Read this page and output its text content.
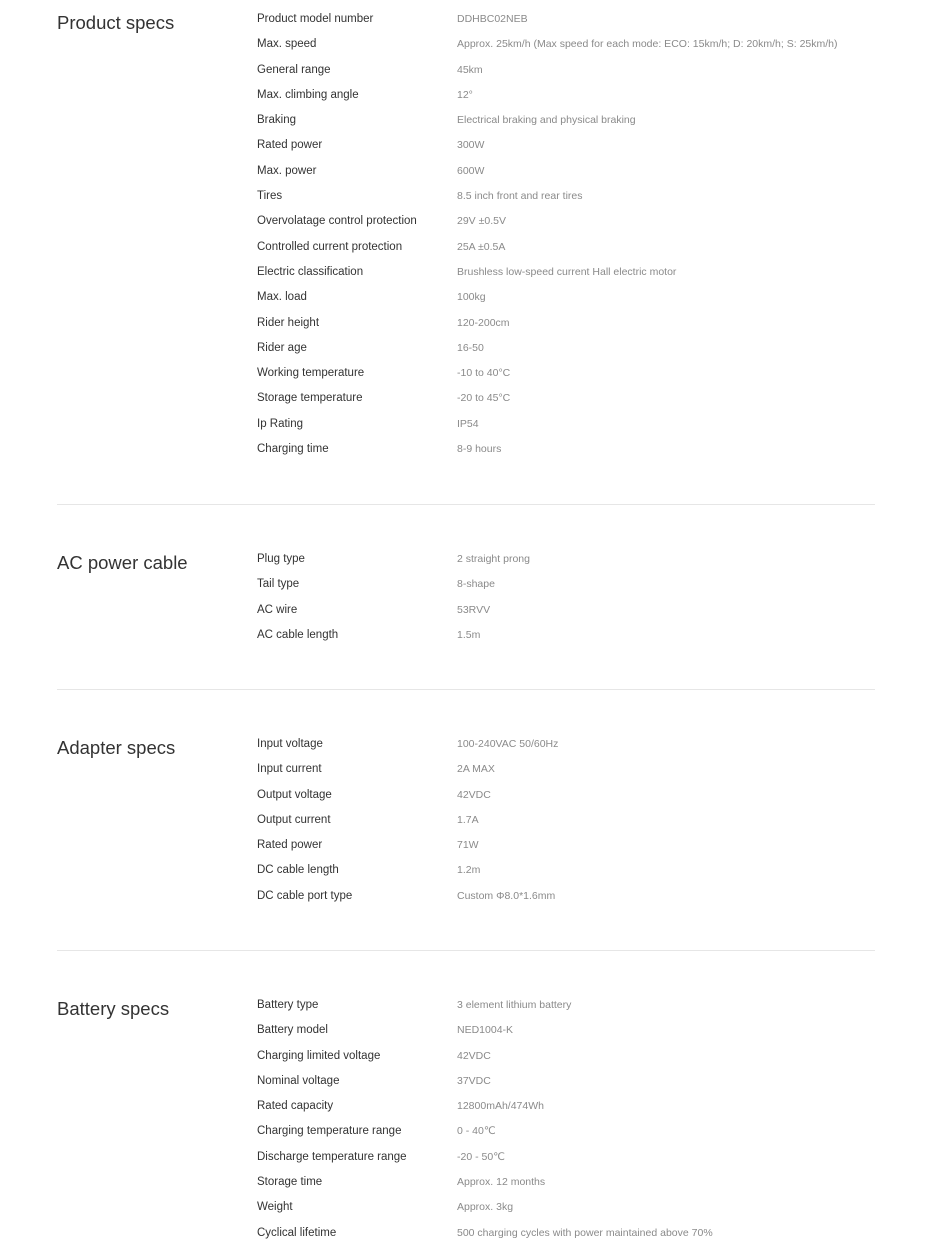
Product specs	Product model number	DDHBC02NEB
Max. speed	Approx. 25km/h (Max speed for each mode: ECO: 15km/h; D: 20km/h; S: 25km/h)
General range	45km
Max. climbing angle	12°
Braking	Electrical braking and physical braking
Rated power	300W
Max. power	600W
Tires	8.5 inch front and rear tires
Overvolatage control protection	29V ±0.5V
Controlled current protection	25A ±0.5A
Electric classification	Brushless low-speed current Hall electric motor
Max. load	100kg
Rider height	120-200cm
Rider age	16-50
Working temperature	-10 to 40°C
Storage temperature	-20 to 45°C
Ip Rating	IP54
Charging time	8-9 hours
AC power cable	Plug type	2 straight prong
Tail type	8-shape
AC wire	53RVV
AC cable length	1.5m
Adapter specs	Input voltage	100-240VAC 50/60Hz
Input current	2A MAX
Output voltage	42VDC
Output current	1.7A
Rated power	71W
DC cable length	1.2m
DC cable port type	Custom Φ8.0*1.6mm
Battery specs	Battery type	3 element lithium battery
Battery model	NED1004-K
Charging limited voltage	42VDC
Nominal voltage	37VDC
Rated capacity	12800mAh/474Wh
Charging temperature range	0 - 40℃
Discharge temperature range	-20 - 50℃
Storage time	Approx. 12 months
Weight	Approx. 3kg
Cyclical lifetime	500 charging cycles with power maintained above 70%
